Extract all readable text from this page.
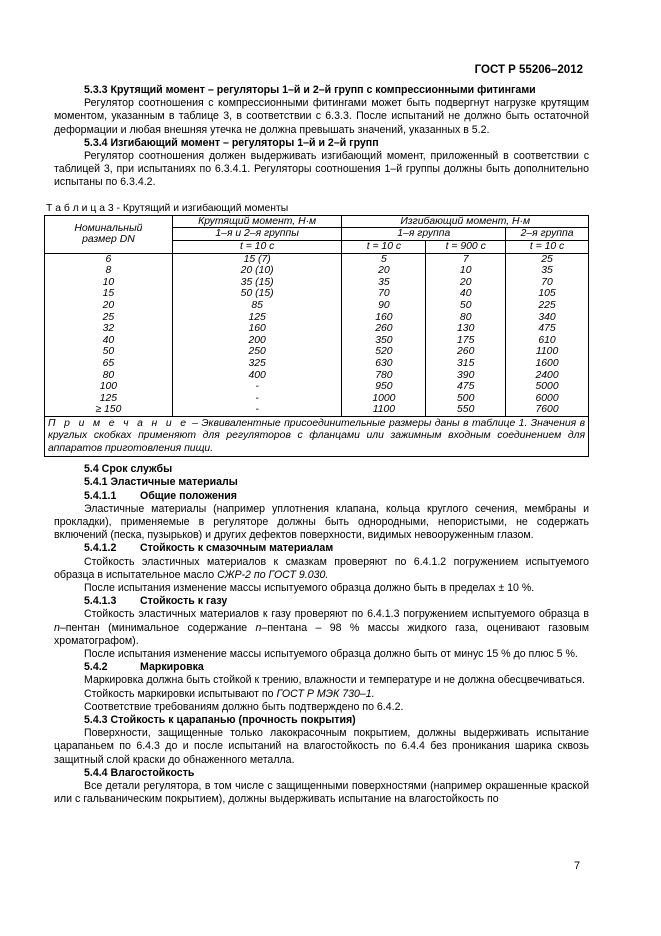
ГОСТ Р 55206–2012

5.3.3 Крутящий момент – регуляторы 1–й и 2–й групп с компрессионными фитингами

Регулятор соотношения с компрессионными фитингами может быть подвергнут нагрузке крутящим моментом, указанным в таблице 3, в соответствии с 6.3.3. После испытаний не должно быть остаточной деформации и любая внешняя утечка не должна превышать значений, указанных в 5.2.

5.3.4 Изгибающий момент – регуляторы 1–й и 2–й групп

Регулятор соотношения должен выдерживать изгибающий момент, приложенный в соответствии с таблицей 3, при испытаниях по 6.3.4.1. Регуляторы соотношения 1–й группы должны быть дополнительно испытаны по 6.3.4.2.

Т а б л и ц а 3 - Крутящий и изгибающий моменты
Номинальный
размер DN	Крутящий момент, Н·м	Изгибающий момент, Н·м		
	1–я и 2–я группы	1–я группа		2–я группа
	t = 10 с	t = 10 с	t = 900 с	t = 10 с
6	15 (7)	5	7	25
8	20 (10)	20	10	35
10	35 (15)	35	20	70
15	50 (15)	70	40	105
20	85	90	50	225
25	125	160	80	340
32	160	260	130	475
40	200	350	175	610
50	250	520	260	1100
65	325	630	315	1600
80	400	780	390	2400
100	-	950	475	5000
125	-	1000	500	6000
≥ 150	-	1100	550	7600
П р и м е ч а н и е – Эквивалентные присоединительные размеры даны в таблице 1. Значения в круглых скобках применяют для регуляторов с фланцами или зажимным входным соединением для аппаратов приготовления пищи.				

5.4 Срок службы

5.4.1 Эластичные материалы

5.4.1.1 Общие положения

Эластичные материалы (например уплотнения клапана, кольца круглого сечения, мембраны и прокладки), применяемые в регуляторе должны быть однородными, непористыми, не содержать включений (песка, пузырьков) и других дефектов поверхности, видимых невооруженным глазом.

5.4.1.2 Стойкость к смазочным материалам

Стойкость эластичных материалов к смазкам проверяют по 6.4.1.2 погружением испытуемого образца в испытательное масло СЖР-2 по ГОСТ 9.030.

После испытания изменение массы испытуемого образца должно быть в пределах ± 10 %.

5.4.1.3 Стойкость к газу

Стойкость эластичных материалов к газу проверяют по 6.4.1.3 погружением испытуемого образца в n–пентан (минимальное содержание n–пентана – 98 % массы жидкого газа, оценивают газовым хроматографом).

После испытания изменение массы испытуемого образца должно быть от минус 15 % до плюс 5 %.

5.4.2	Маркировка

Маркировка должна быть стойкой к трению, влажности и температуре и не должна обесцвечиваться.

Стойкость маркировки испытывают по ГОСТ Р МЭК 730–1.

Соответствие требованиям должно быть подтверждено по 6.4.2.

5.4.3 Стойкость к царапанью (прочность покрытия)

Поверхности, защищенные только лакокрасочным покрытием, должны выдерживать испытание царапаньем по 6.4.3 до и после испытаний на влагостойкость по 6.4.4 без проникания шарика сквозь защитный слой краски до обнаженного металла.

5.4.4 Влагостойкость

Все детали регулятора, в том числе с защищенными поверхностями (например окрашенные краской или с гальваническим покрытием), должны выдерживать испытание на влагостойкость по

7
